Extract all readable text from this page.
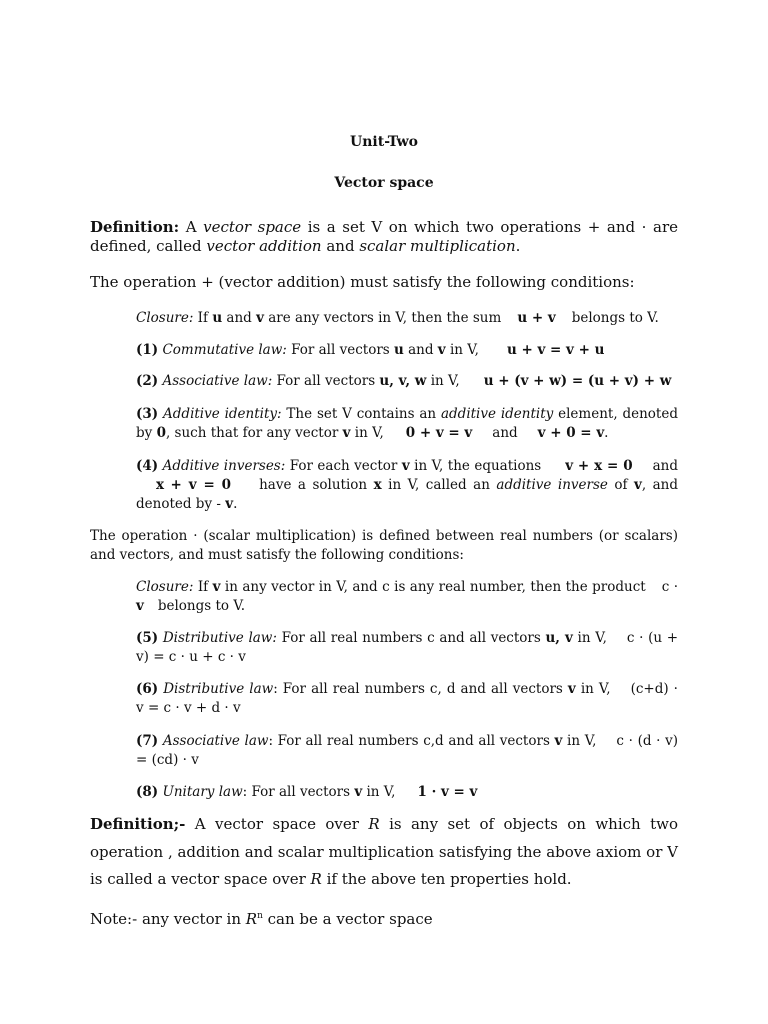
Unit-Two
Vector space
Definition: A vector space is a set V on which two operations + and · are defined, called vector addition and scalar multiplication.
The operation + (vector addition) must satisfy the following conditions:
Closure: If u and v are any vectors in V, then the sum u + v belongs to V.
(1) Commutative law: For all vectors u and v in V, u + v = v + u
(2) Associative law: For all vectors u, v, w in V, u + (v + w) = (u + v) + w
(3) Additive identity: The set V contains an additive identity element, denoted by 0, such that for any vector v in V, 0 + v = v and v + 0 = v.
(4) Additive inverses: For each vector v in V, the equations v + x = 0 andx + v = 0 have a solution x in V, called an additive inverse of v, and denoted by - v.
The operation · (scalar multiplication) is defined between real numbers (or scalars) and vectors, and must satisfy the following conditions:
Closure: If v in any vector in V, and c is any real number, then the product c · v belongs to V.
(5) Distributive law: For all real numbers c and all vectors u, v in V, c · (u + v) = c · u + c · v
(6) Distributive law: For all real numbers c, d and all vectors v in V, (c+d) · v = c · v + d · v
(7) Associative law: For all real numbers c,d and all vectors v in V, c · (d · v) = (cd) · v
(8) Unitary law: For all vectors v in V, 1 · v = v
Definition;- A vector space over R is any set of objects on which two operation , addition and scalar multiplication satisfying the above axiom or V is called a vector space over R if the above ten properties hold.
Note:- any vector in $R^n$ can be a vector space
